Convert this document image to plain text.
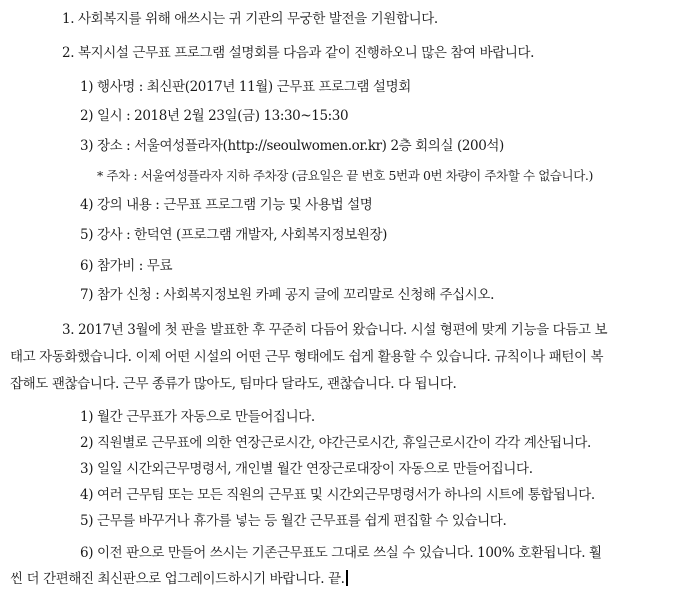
1. 사회복지를 위해 애쓰시는 귀 기관의 무궁한 발전을 기원합니다.
2. 복지시설 근무표 프로그램 설명회를 다음과 같이 진행하오니 많은 참여 바랍니다.
1) 행사명 : 최신판(2017년 11월) 근무표 프로그램 설명회
2) 일시 : 2018년 2월 23일(금) 13:30~15:30
3) 장소 : 서울여성플라자(http://seoulwomen.or.kr) 2층 회의실 (200석)
* 주차 : 서울여성플라자 지하 주차장 (금요일은 끝 번호 5번과 0번 차량이 주차할 수 없습니다.)
4) 강의 내용 : 근무표 프로그램 기능 및 사용법 설명
5) 강사 : 한덕연 (프로그램 개발자, 사회복지정보원장)
6) 참가비 : 무료
7) 참가 신청 : 사회복지정보원 카페 공지 글에 꼬리말로 신청해 주십시오.
3. 2017년 3월에 첫 판을 발표한 후 꾸준히 다듬어 왔습니다. 시설 형편에 맞게 기능을 다듬고 보
태고 자동화했습니다. 이제 어떤 시설의 어떤 근무 형태에도 쉽게 활용할 수 있습니다. 규칙이나 패턴이 복
잡해도 괜찮습니다. 근무 종류가 많아도, 팀마다 달라도, 괜찮습니다. 다 됩니다.
1) 월간 근무표가 자동으로 만들어집니다.
2) 직원별로 근무표에 의한 연장근로시간, 야간근로시간, 휴일근로시간이 각각 계산됩니다.
3) 일일 시간외근무명령서, 개인별 월간 연장근로대장이 자동으로 만들어집니다.
4) 여러 근무팀 또는 모든 직원의 근무표 및 시간외근무명령서가 하나의 시트에 통합됩니다.
5) 근무를 바꾸거나 휴가를 넣는 등 월간 근무표를 쉽게 편집할 수 있습니다.
6) 이전 판으로 만들어 쓰시는 기존근무표도 그대로 쓰실 수 있습니다. 100% 호환됩니다. 훨
씬 더 간편해진 최신판으로 업그레이드하시기 바랍니다. 끝.
